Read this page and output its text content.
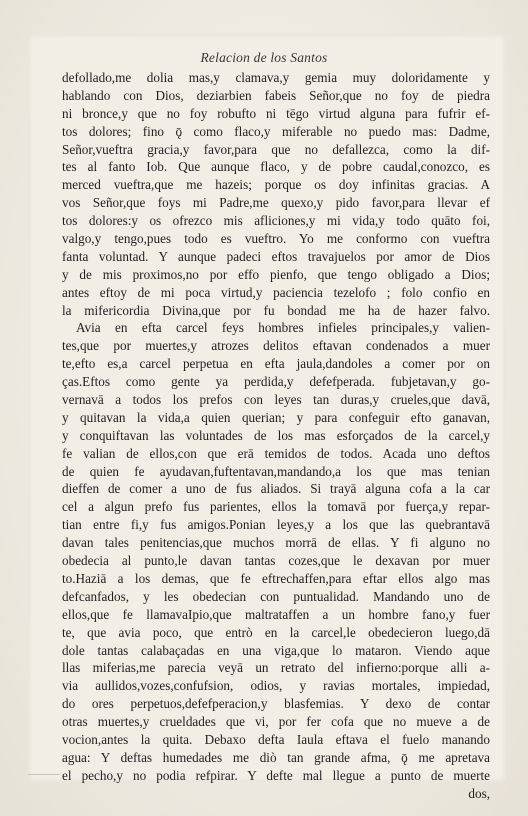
Relacion de los Santos
defollado,me dolia mas,y clamava,y gemia muy doloridamente y
hablando con Dios, deziarbien fabeis Señor,que no foy de piedra
ni bronce,y que no foy robufto ni tēgo virtud alguna para fufrir ef-
tos dolores; fino ǭ como flaco,y miferable no puedo mas: Dadme,
Señor,vueftra gracia,y favor,para que no defallezca, como la dif-
tes al fanto Iob. Que aunque flaco, y de pobre caudal,conozco, es
merced vueftra,que me hazeis; porque os doy infinitas gracias. A
vos Señor,que foys mi Padre,me quexo,y pido favor,para llevar ef
tos dolores:y os ofrezco mis afliciones,y mi vida,y todo quāto foi,
valgo,y tengo,pues todo es vueftro. Yo me conformo con vueftra
fanta voluntad. Y aunque padeci eftos travajuelos por amor de Dios
y de mis proximos,no por effo pienfo, que tengo obligado a Dios;
antes eftoy de mi poca virtud,y paciencia tezelofo ; folo confio en
la mifericordia Divina,que por fu bondad me ha de hazer falvo.
Avia en efta carcel feys hombres infieles principales,y valien-
tes,que por muertes,y atrozes delitos eftavan condenados a muer
te,efto es,a carcel perpetua en efta jaula,dandoles a comer por on
ças.Eftos como gente ya perdida,y defefperada. fubjetavan,y go-
vernavā a todos los prefos con leyes tan duras,y crueles,que davā,
y quitavan la vida,a quien querian; y para confeguir efto ganavan,
y conquiftavan las voluntades de los mas esforçados de la carcel,y
fe valian de ellos,con que erā temidos de todos. Acada uno deftos
de quien fe ayudavan,fuftentavan,mandando,a los que mas tenian
dieffen de comer a uno de fus aliados. Si trayā alguna cofa a la car
cel a algun prefo fus parientes, ellos la tomavā por fuerça,y repar-
tian entre fi,y fus amigos.Ponian leyes,y a los que las quebrantavā
davan tales penitencias,que muchos morrā de ellas. Y fi alguno no
obedecia al punto,le davan tantas cozes,que le dexavan por muer
to.Haziā a los demas, que fe eftrechaffen,para eftar ellos algo mas
defcanfados, y les obedecian con puntualidad. Mandando uno de
ellos,que fe llamavaIpio,que maltrataffen a un hombre fano,y fuer
te, que avia poco, que entrò en la carcel,le obedecieron luego,dā
dole tantas calabaçadas en una viga,que lo mataron. Viendo aque
llas miferias,me parecia veyā un retrato del infierno:porque alli a-
via aullidos,vozes,confufsion, odios, y ravias mortales, impiedad,
do ores perpetuos,defefperacion,y blasfemias. Y dexo de contar
otras muertes,y crueldades que vi, por fer cofa que no mueve a de
vocion,antes la quita. Debaxo defta Iaula eftava el fuelo manando
agua: Y deftas humedades me diò tan grande afma, ǭ me apretava
el pecho,y no podia refpirar. Y defte mal llegue a punto de muerte
dos,
